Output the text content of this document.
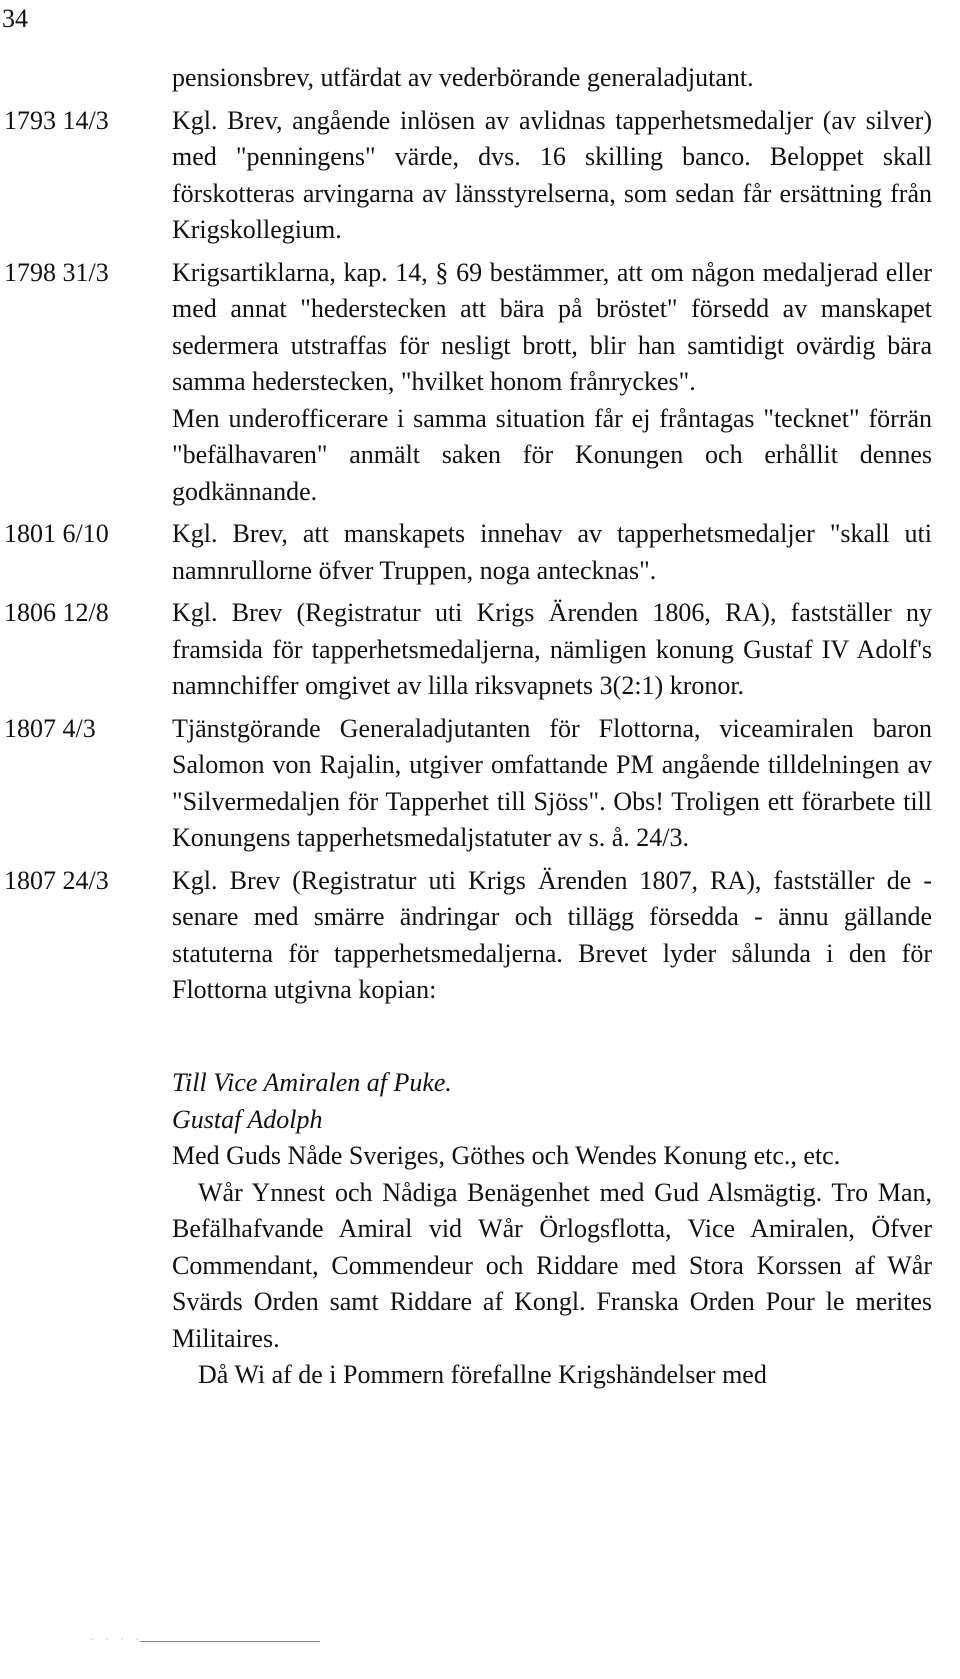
34

pensionsbrev, utfärdat av vederbörande generaladjutant.

1793 14/3	Kgl. Brev, angående inlösen av avlidnas tapperhetsmedaljer (av silver) med "penningens" värde, dvs. 16 skilling banco. Beloppet skall förskotteras arvingarna av länsstyrelserna, som sedan får ersättning från Krigskollegium.

1798 31/3	Krigsartiklarna, kap. 14, § 69 bestämmer, att om någon medaljerad eller med annat "hederstecken att bära på bröstet" försedd av manskapet sedermera utstraffas för nesligt brott, blir han samtidigt ovärdig bära samma hederstecken, "hvilket honom frånryckes".

Men underofficerare i samma situation får ej fråntagas "tecknet" förrän "befälhavaren" anmält saken för Konungen och erhållit dennes godkännande.

1801 6/10	Kgl. Brev, att manskapets innehav av tapperhetsmedaljer "skall uti namnrullorne öfver Truppen, noga antecknas".

1806 12/8	Kgl. Brev (Registratur uti Krigs Ärenden 1806, RA), fastställer ny framsida för tapperhetsmedaljerna, nämligen konung Gustaf IV Adolf's namnchiffer omgivet av lilla riksvapnets 3(2:1) kronor.

1807 4/3	Tjänstgörande Generaladjutanten för Flottorna, viceamiralen baron Salomon von Rajalin, utgiver omfattande PM angående tilldelningen av "Silvermedaljen för Tapperhet till Sjöss". Obs! Troligen ett förarbete till Konungens tapperhetsmedaljstatuter av s. å. 24/3.

1807 24/3	Kgl. Brev (Registratur uti Krigs Ärenden 1807, RA), fastställer de - senare med smärre ändringar och tillägg försedda - ännu gällande statuterna för tapperhetsmedaljerna. Brevet lyder sålunda i den för Flottorna utgivna kopian:

Till Vice Amiralen af Puke.

Gustaf Adolph

Med Guds Nåde Sveriges, Göthes och Wendes Konung etc., etc.

Wår Ynnest och Nådiga Benägenhet med Gud Alsmägtig. Tro Man, Befälhafvande Amiral vid Wår Örlogsflotta, Vice Amiralen, Öfver Commendant, Commendeur och Riddare med Stora Korssen af Wår Svärds Orden samt Riddare af Kongl. Franska Orden Pour le merites Militaires.

Då Wi af de i Pommern förefallne Krigshändelser med

· · · ·
